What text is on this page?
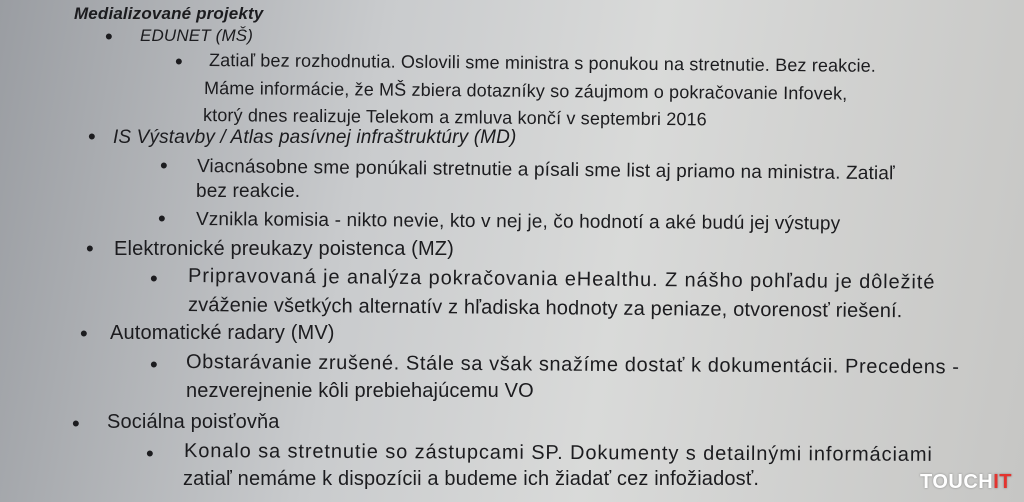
Medializované projekty
• EDUNET (MŠ)
• Zatiaľ bez rozhodnutia. Oslovili sme ministra s ponukou na stretnutie. Bez reakcie.
Máme informácie, že MŠ zbiera dotazníky so záujmom o pokračovanie Infovek,
ktorý dnes realizuje Telekom a zmluva končí v septembri 2016
• IS Výstavby / Atlas pasívnej infraštruktúry (MD)
• Viacnásobne sme ponúkali stretnutie a písali sme list aj priamo na ministra. Zatiaľ
bez reakcie.
• Vznikla komisia - nikto nevie, kto v nej je, čo hodnotí a aké budú jej výstupy
• Elektronické preukazy poistenca (MZ)
• Pripravovaná je analýza pokračovania eHealthu. Z nášho pohľadu je dôležité
zváženie všetkých alternatív z hľadiska hodnoty za peniaze, otvorenosť riešení.
• Automatické radary (MV)
• Obstarávanie zrušené. Stále sa však snažíme dostať k dokumentácii. Precedens -
nezverejnenie kôli prebiehajúcemu VO
• Sociálna poisťovňa
• Konalo sa stretnutie so zástupcami SP. Dokumenty s detailnými informáciami
zatiaľ nemáme k dispozícii a budeme ich žiadať cez infožiadosť.	TOUCHIT
